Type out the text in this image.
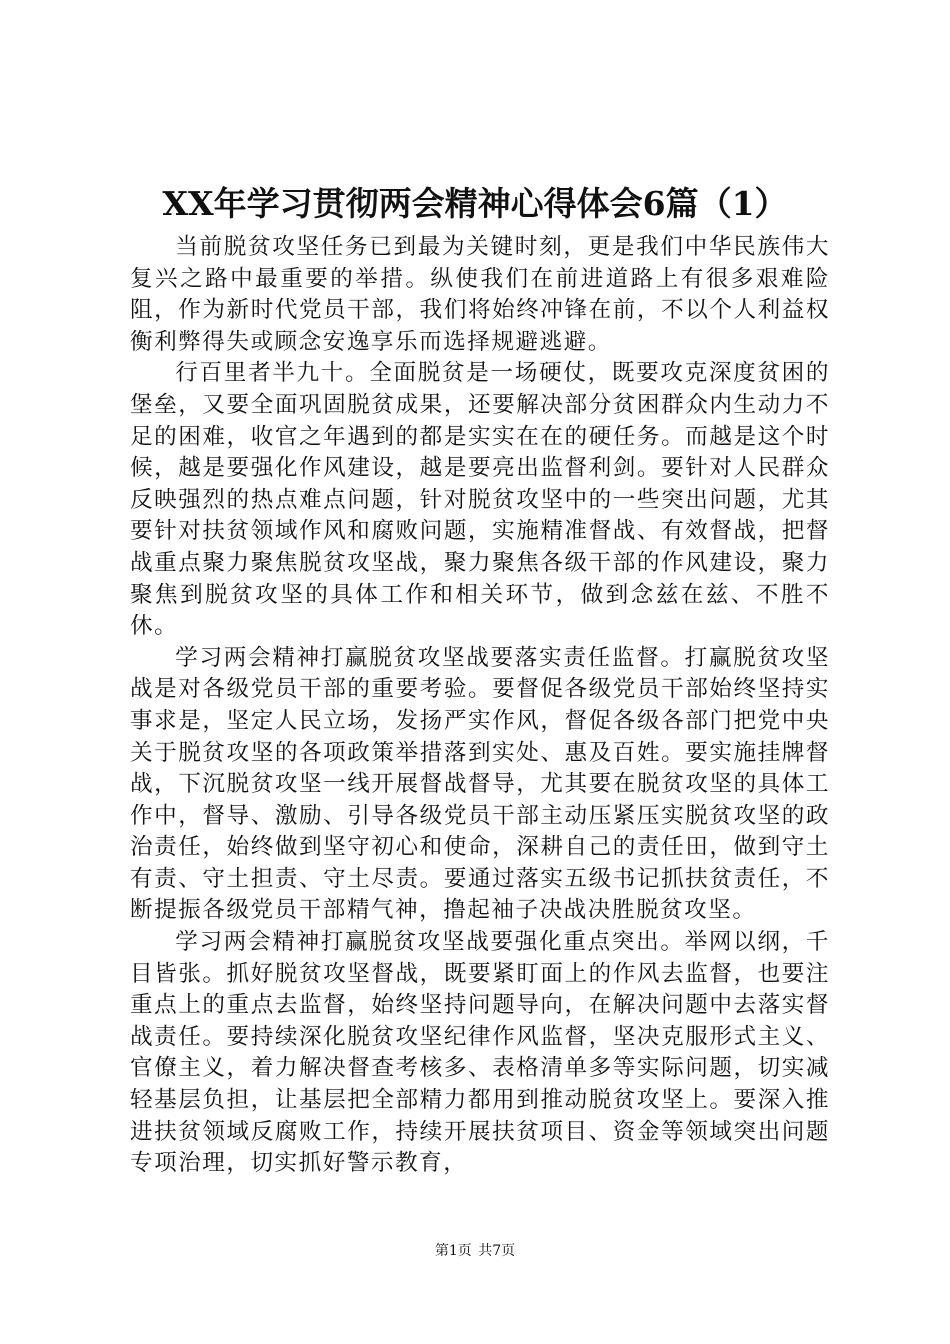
XX年学习贯彻两会精神心得体会6篇（1）

当前脱贫攻坚任务已到最为关键时刻，更是我们中华民族伟大复兴之路中最重要的举措。纵使我们在前进道路上有很多艰难险阻，作为新时代党员干部，我们将始终冲锋在前，不以个人利益权衡利弊得失或顾念安逸享乐而选择规避逃避。

行百里者半九十。全面脱贫是一场硬仗，既要攻克深度贫困的堡垒，又要全面巩固脱贫成果，还要解决部分贫困群众内生动力不足的困难，收官之年遇到的都是实实在在的硬任务。而越是这个时候，越是要强化作风建设，越是要亮出监督利剑。要针对人民群众反映强烈的热点难点问题，针对脱贫攻坚中的一些突出问题，尤其要针对扶贫领域作风和腐败问题，实施精准督战、有效督战，把督战重点聚力聚焦脱贫攻坚战，聚力聚焦各级干部的作风建设，聚力聚焦到脱贫攻坚的具体工作和相关环节，做到念兹在兹、不胜不休。

学习两会精神打赢脱贫攻坚战要落实责任监督。打赢脱贫攻坚战是对各级党员干部的重要考验。要督促各级党员干部始终坚持实事求是，坚定人民立场，发扬严实作风，督促各级各部门把党中央关于脱贫攻坚的各项政策举措落到实处、惠及百姓。要实施挂牌督战，下沉脱贫攻坚一线开展督战督导，尤其要在脱贫攻坚的具体工作中，督导、激励、引导各级党员干部主动压紧压实脱贫攻坚的政治责任，始终做到坚守初心和使命，深耕自己的责任田，做到守土有责、守土担责、守土尽责。要通过落实五级书记抓扶贫责任，不断提振各级党员干部精气神，撸起袖子决战决胜脱贫攻坚。

学习两会精神打赢脱贫攻坚战要强化重点突出。举网以纲，千目皆张。抓好脱贫攻坚督战，既要紧盯面上的作风去监督，也要注重点上的重点去监督，始终坚持问题导向，在解决问题中去落实督战责任。要持续深化脱贫攻坚纪律作风监督，坚决克服形式主义、官僚主义，着力解决督查考核多、表格清单多等实际问题，切实减轻基层负担，让基层把全部精力都用到推动脱贫攻坚上。要深入推进扶贫领域反腐败工作，持续开展扶贫项目、资金等领域突出问题专项治理，切实抓好警示教育，

第1页 共7页
